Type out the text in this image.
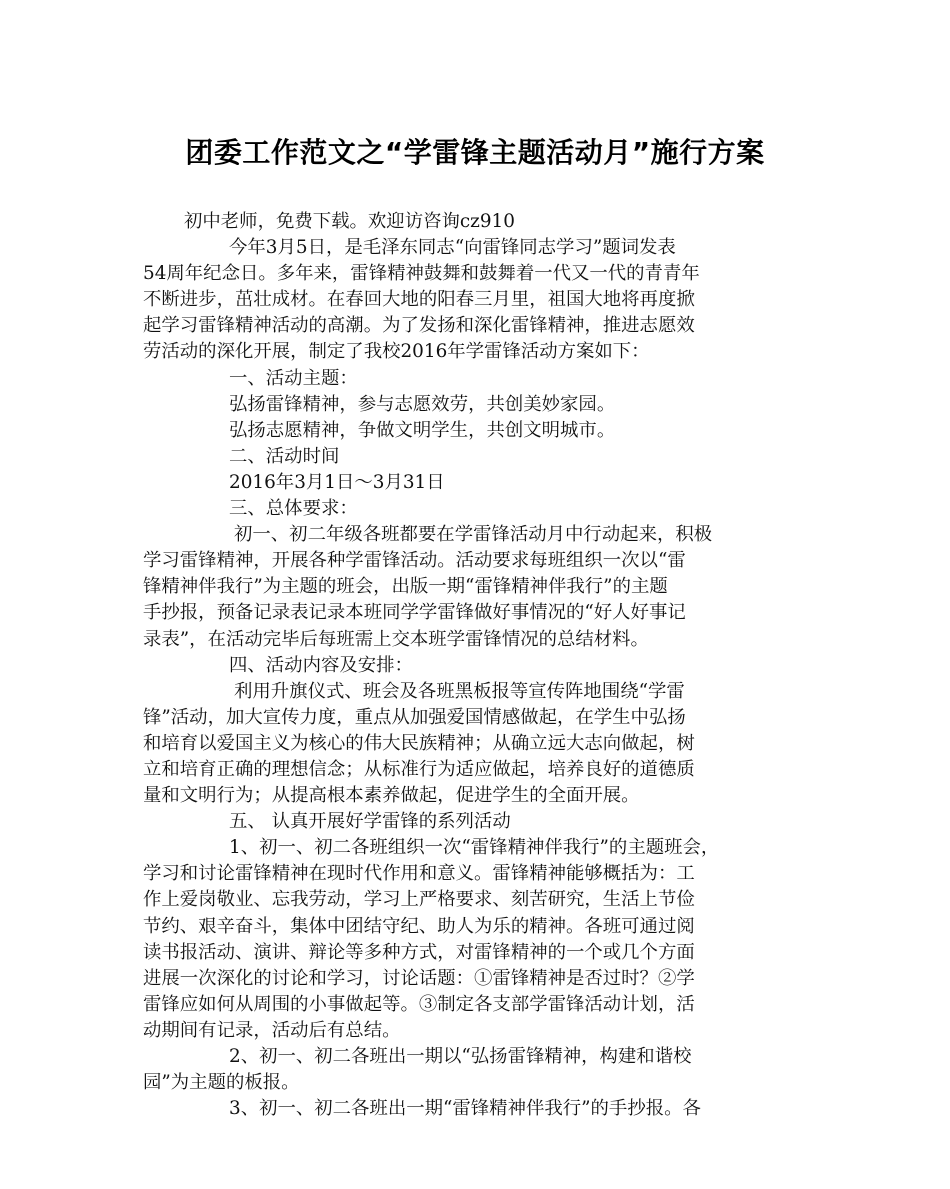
团委工作范文之“学雷锋主题活动月”施行方案
初中老师，免费下载。欢迎访咨询cz910
今年3月5日，是毛泽东同志“向雷锋同志学习”题词发表
54周年纪念日。多年来，雷锋精神鼓舞和鼓舞着一代又一代的青青年
不断进步，茁壮成材。在春回大地的阳春三月里，祖国大地将再度掀
起学习雷锋精神活动的高潮。为了发扬和深化雷锋精神，推进志愿效
劳活动的深化开展，制定了我校2016年学雷锋活动方案如下：
一、活动主题：
弘扬雷锋精神，参与志愿效劳，共创美妙家园。
弘扬志愿精神，争做文明学生，共创文明城市。
二、活动时间
2016年3月1日～3月31日
三、总体要求：
初一、初二年级各班都要在学雷锋活动月中行动起来，积极
学习雷锋精神，开展各种学雷锋活动。活动要求每班组织一次以“雷
锋精神伴我行”为主题的班会，出版一期“雷锋精神伴我行”的主题
手抄报，预备记录表记录本班同学学雷锋做好事情况的“好人好事记
录表”，在活动完毕后每班需上交本班学雷锋情况的总结材料。
四、活动内容及安排：
利用升旗仪式、班会及各班黑板报等宣传阵地围绕“学雷
锋”活动，加大宣传力度，重点从加强爱国情感做起，在学生中弘扬
和培育以爱国主义为核心的伟大民族精神；从确立远大志向做起，树
立和培育正确的理想信念；从标准行为适应做起，培养良好的道德质
量和文明行为；从提高根本素养做起，促进学生的全面开展。
五、 认真开展好学雷锋的系列活动
1、初一、初二各班组织一次“雷锋精神伴我行”的主题班会，
学习和讨论雷锋精神在现时代作用和意义。雷锋精神能够概括为：工
作上爱岗敬业、忘我劳动，学习上严格要求、刻苦研究，生活上节俭
节约、艰辛奋斗，集体中团结守纪、助人为乐的精神。各班可通过阅
读书报活动、演讲、辩论等多种方式，对雷锋精神的一个或几个方面
进展一次深化的讨论和学习，讨论话题：①雷锋精神是否过时？②学
雷锋应如何从周围的小事做起等。③制定各支部学雷锋活动计划，活
动期间有记录，活动后有总结。
2、初一、初二各班出一期以“弘扬雷锋精神，构建和谐校
园”为主题的板报。
3、初一、初二各班出一期“雷锋精神伴我行”的手抄报。各
